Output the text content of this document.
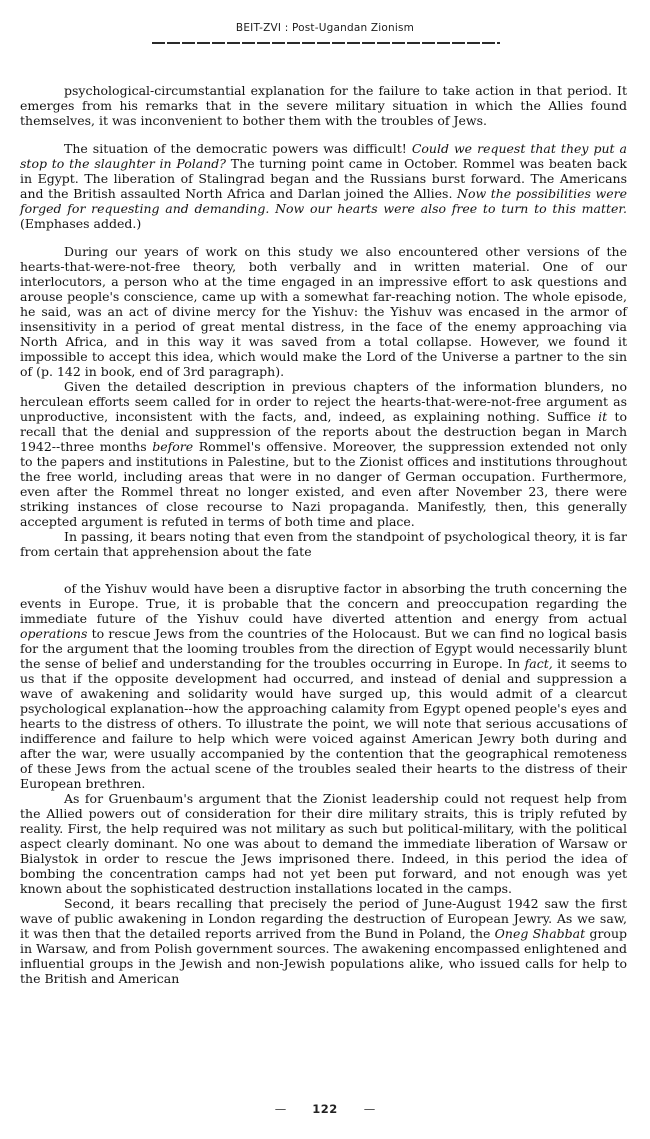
BEIT-ZVI : Post-Ugandan Zionism

psychological-circumstantial explanation for the failure to take action in that period. It emerges from his remarks that in the severe military situation in which the Allies found themselves, it was inconvenient to bother them with the troubles of Jews.

The situation of the democratic powers was difficult! Could we request that they put a stop to the slaughter in Poland? The turning point came in October. Rommel was beaten back in Egypt. The liberation of Stalingrad began and the Russians burst forward. The Americans and the British assaulted North Africa and Darlan joined the Allies. Now the possibilities were forged for requesting and demanding. Now our hearts were also free to turn to this matter. (Emphases added.)

During our years of work on this study we also encountered other versions of the hearts-that-were-not-free theory, both verbally and in written material. One of our interlocutors, a person who at the time engaged in an impressive effort to ask questions and arouse people's conscience, came up with a somewhat far-reaching notion. The whole episode, he said, was an act of divine mercy for the Yishuv: the Yishuv was encased in the armor of insensitivity in a period of great mental distress, in the face of the enemy approaching via North Africa, and in this way it was saved from a total collapse. However, we found it impossible to accept this idea, which would make the Lord of the Universe a partner to the sin of (p. 142 in book, end of 3rd paragraph).

Given the detailed description in previous chapters of the information blunders, no herculean efforts seem called for in order to reject the hearts-that-were-not-free argument as unproductive, inconsistent with the facts, and, indeed, as explaining nothing. Suffice it to recall that the denial and suppression of the reports about the destruction began in March 1942--three months before Rommel's offensive. Moreover, the suppression extended not only to the papers and institutions in Palestine, but to the Zionist offices and institutions throughout the free world, including areas that were in no danger of German occupation. Furthermore, even after the Rommel threat no longer existed, and even after November 23, there were striking instances of close recourse to Nazi propaganda. Manifestly, then, this generally accepted argument is refuted in terms of both time and place.

In passing, it bears noting that even from the standpoint of psychological theory, it is far from certain that apprehension about the fate

of the Yishuv would have been a disruptive factor in absorbing the truth concerning the events in Europe. True, it is probable that the concern and preoccupation regarding the immediate future of the Yishuv could have diverted attention and energy from actual operations to rescue Jews from the countries of the Holocaust. But we can find no logical basis for the argument that the looming troubles from the direction of Egypt would necessarily blunt the sense of belief and understanding for the troubles occurring in Europe. In fact, it seems to us that if the opposite development had occurred, and instead of denial and suppression a wave of awakening and solidarity would have surged up, this would admit of a clearcut psychological explanation--how the approaching calamity from Egypt opened people's eyes and hearts to the distress of others. To illustrate the point, we will note that serious accusations of indifference and failure to help which were voiced against American Jewry both during and after the war, were usually accompanied by the contention that the geographical remoteness of these Jews from the actual scene of the troubles sealed their hearts to the distress of their European brethren.

As for Gruenbaum's argument that the Zionist leadership could not request help from the Allied powers out of consideration for their dire military straits, this is triply refuted by reality. First, the help required was not military as such but political-military, with the political aspect clearly dominant. No one was about to demand the immediate liberation of Warsaw or Bialystok in order to rescue the Jews imprisoned there. Indeed, in this period the idea of bombing the concentration camps had not yet been put forward, and not enough was yet known about the sophisticated destruction installations located in the camps.

Second, it bears recalling that precisely the period of June-August 1942 saw the first wave of public awakening in London regarding the destruction of European Jewry. As we saw, it was then that the detailed reports arrived from the Bund in Poland, the Oneg Shabbat group in Warsaw, and from Polish government sources. The awakening encompassed enlightened and influential groups in the Jewish and non-Jewish populations alike, who issued calls for help to the British and American

— 122 —
